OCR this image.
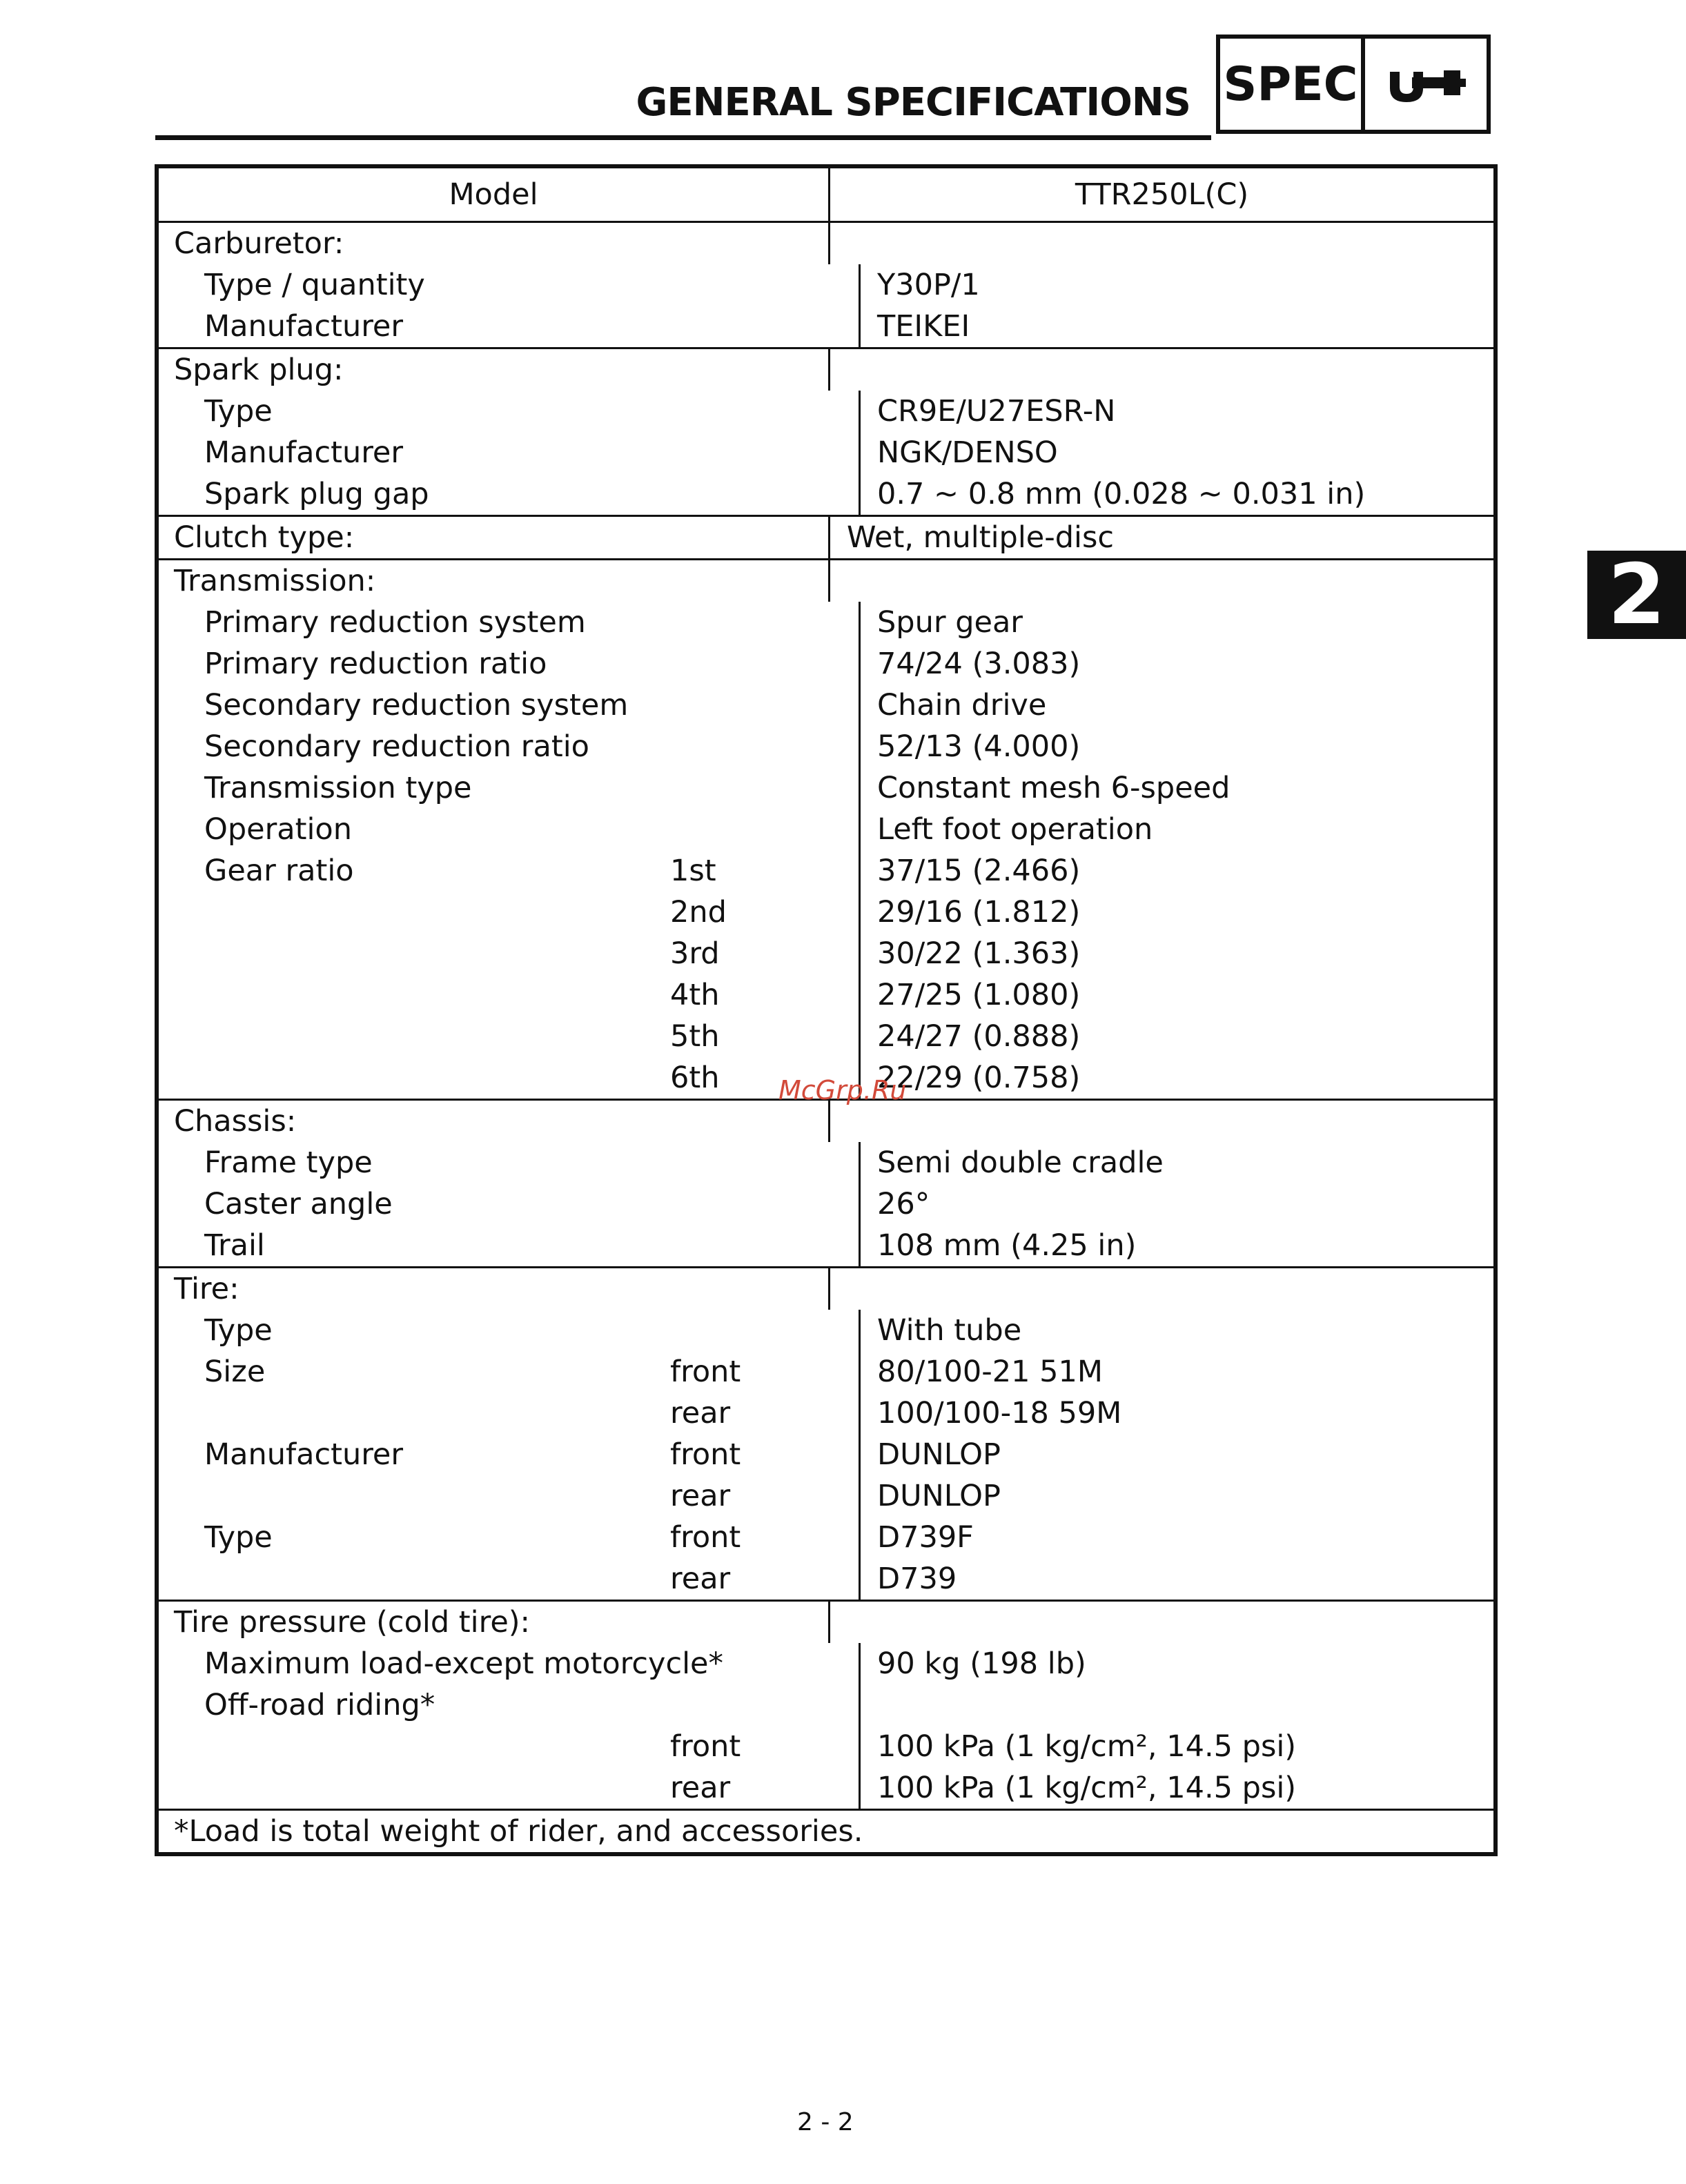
GENERAL SPECIFICATIONS SPEC
2
Model	TTR250L(C)
Carburetor:
Type / quantity	Y30P/1
Manufacturer	TEIKEI
Spark plug:
Type	CR9E/U27ESR-N
Manufacturer	NGK/DENSO
Spark plug gap	0.7 ~ 0.8 mm (0.028 ~ 0.031 in)
Clutch type:	Wet, multiple-disc
Transmission:
Primary reduction system	Spur gear
Primary reduction ratio	74/24 (3.083)
Secondary reduction system	Chain drive
Secondary reduction ratio	52/13 (4.000)
Transmission type	Constant mesh 6-speed
Operation	Left foot operation
Gear ratio	1st	37/15 (2.466)
2nd	29/16 (1.812)
3rd	30/22 (1.363)
4th	27/25 (1.080)
5th	24/27 (0.888)
6th	22/29 (0.758)
Chassis:
Frame type	Semi double cradle
Caster angle	26°
Trail	108 mm (4.25 in)
Tire:
Type	With tube
Size	front	80/100-21 51M
rear	100/100-18 59M
Manufacturer	front	DUNLOP
rear	DUNLOP
Type	front	D739F
rear	D739
Tire pressure (cold tire):
Maximum load-except motorcycle*	90 kg (198 lb)
Off-road riding*
front	100 kPa (1 kg/cm², 14.5 psi)
rear	100 kPa (1 kg/cm², 14.5 psi)
*Load is total weight of rider, and accessories.
McGrp.Ru
2 - 2
